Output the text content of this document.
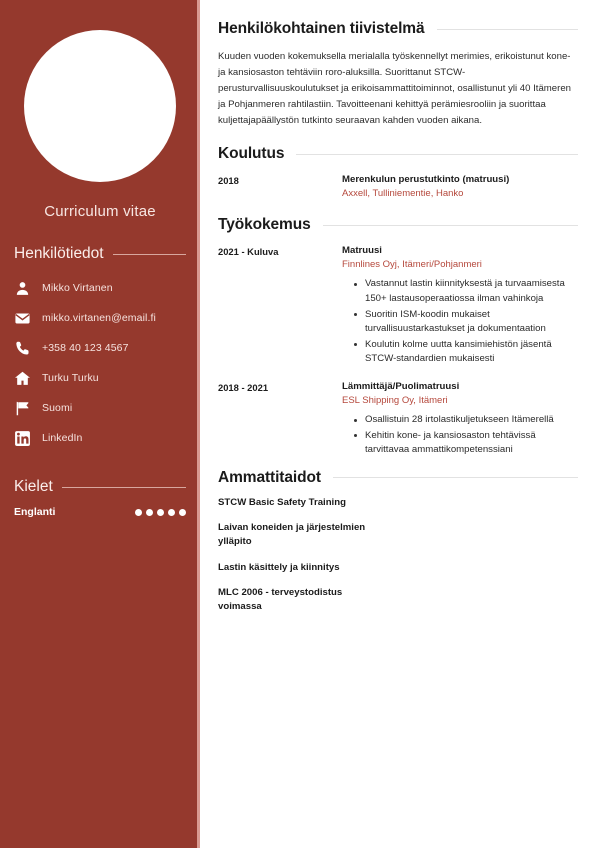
Curriculum vitae
Henkilötiedot
Mikko Virtanen
mikko.virtanen@email.fi
+358 40 123 4567
Turku Turku
Suomi
LinkedIn
Kielet
Englanti
Henkilökohtainen tiivistelmä
Kuuden vuoden kokemuksella merialalla työskennellyt merimies, erikoistunut kone- ja kansiosaston tehtäviin roro-aluksilla. Suorittanut STCW-perusturvallisuuskoulutukset ja erikoisammattitoiminnot, osallistunut yli 40 Itämeren ja Pohjanmeren rahtilastiin. Tavoitteenani kehittyä perämiesrooliin ja suorittaa kuljettajapäällystön tutkinto seuraavan kahden vuoden aikana.
Koulutus
2018	Merenkulun perustutkinto (matruusi)
Axxell, Tulliniementie, Hanko
Työkokemus
2021 - Kuluva	Matruusi
Finnlines Oyj, Itämeri/Pohjanmeri
Vastannut lastin kiinnityksestä ja turvaamisesta 150+ lastausoperaatiossa ilman vahinkoja
Suoritin ISM-koodin mukaiset turvallisuustarkastukset ja dokumentaation
Koulutin kolme uutta kansimiehistön jäsentä STCW-standardien mukaisesti
2018 - 2021	Lämmittäjä/Puolimatruusi
ESL Shipping Oy, Itämeri
Osallistuin 28 irtolastikuljetukseen Itämerellä
Kehitin kone- ja kansiosaston tehtävissä tarvittavaa ammattikompetenssiani
Ammattitaidot
STCW Basic Safety Training
Laivan koneiden ja järjestelmien ylläpito
Lastin käsittely ja kiinnitys
MLC 2006 - terveystodistus voimassa
